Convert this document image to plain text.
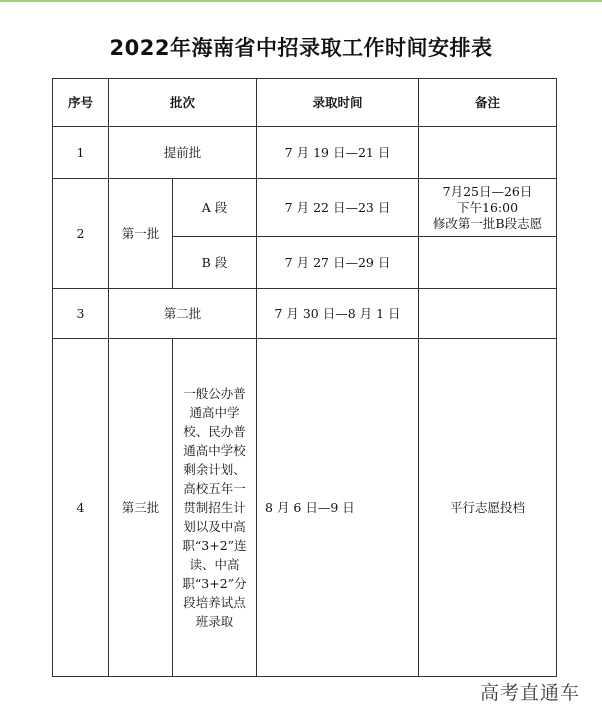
2022年海南省中招录取工作时间安排表
序号	批次		录取时间	备注
1	提前批		7 月 19 日—21 日	
2	第一批	A 段	7 月 22 日—23 日	7月25日—26日
下午16:00
修改第一批B段志愿

		B 段	7 月 27 日—29 日	
3	第二批		7 月 30 日—8 月 1 日	
4	第三批	一般公办普通高中学校、民办普通高中学校剩余计划、高校五年一贯制招生计划以及中高职“3+2”连读、中高职“3+2”分段培养试点班录取	8 月 6 日—9 日	平行志愿投档
高考直通车
